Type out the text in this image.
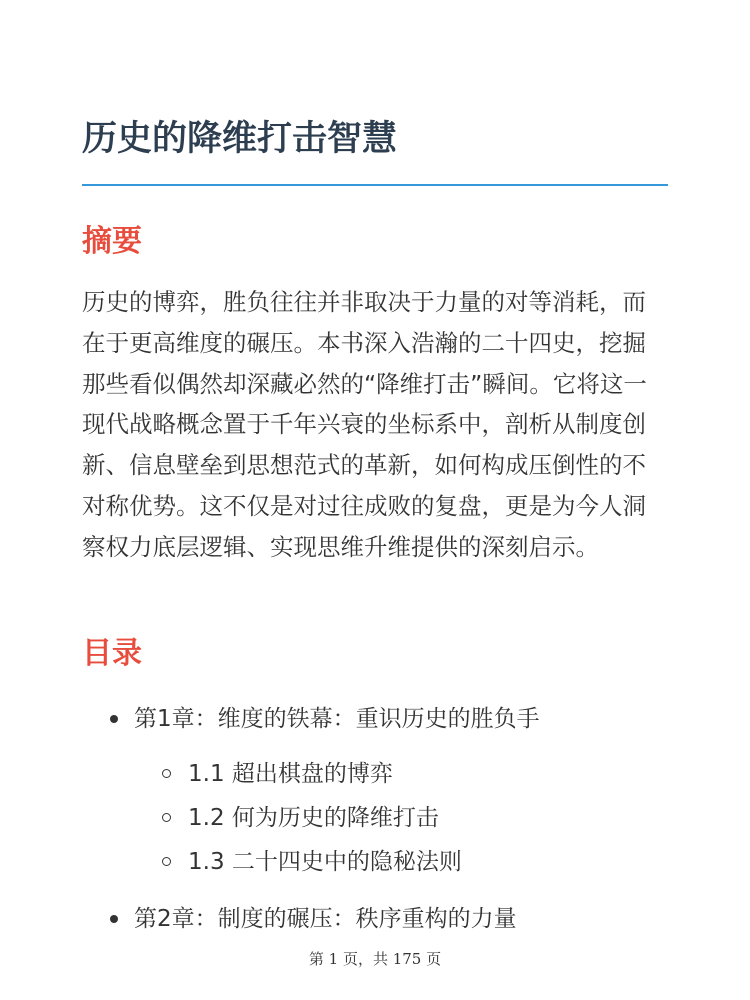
历史的降维打击智慧
摘要

历史的博弈，胜负往往并非取决于力量的对等消耗，而在于更高维度的碾压。本书深入浩瀚的二十四史，挖掘那些看似偶然却深藏必然的“降维打击”瞬间。它将这一现代战略概念置于千年兴衰的坐标系中，剖析从制度创新、信息壁垒到思想范式的革新，如何构成压倒性的不对称优势。这不仅是对过往成败的复盘，更是为今人洞察权力底层逻辑、实现思维升维提供的深刻启示。

目录
第1章：维度的铁幕：重识历史的胜负手
1.1 超出棋盘的博弈
1.2 何为历史的降维打击
1.3 二十四史中的隐秘法则
第2章：制度的碾压：秩序重构的力量
第 1 页，共 175 页
